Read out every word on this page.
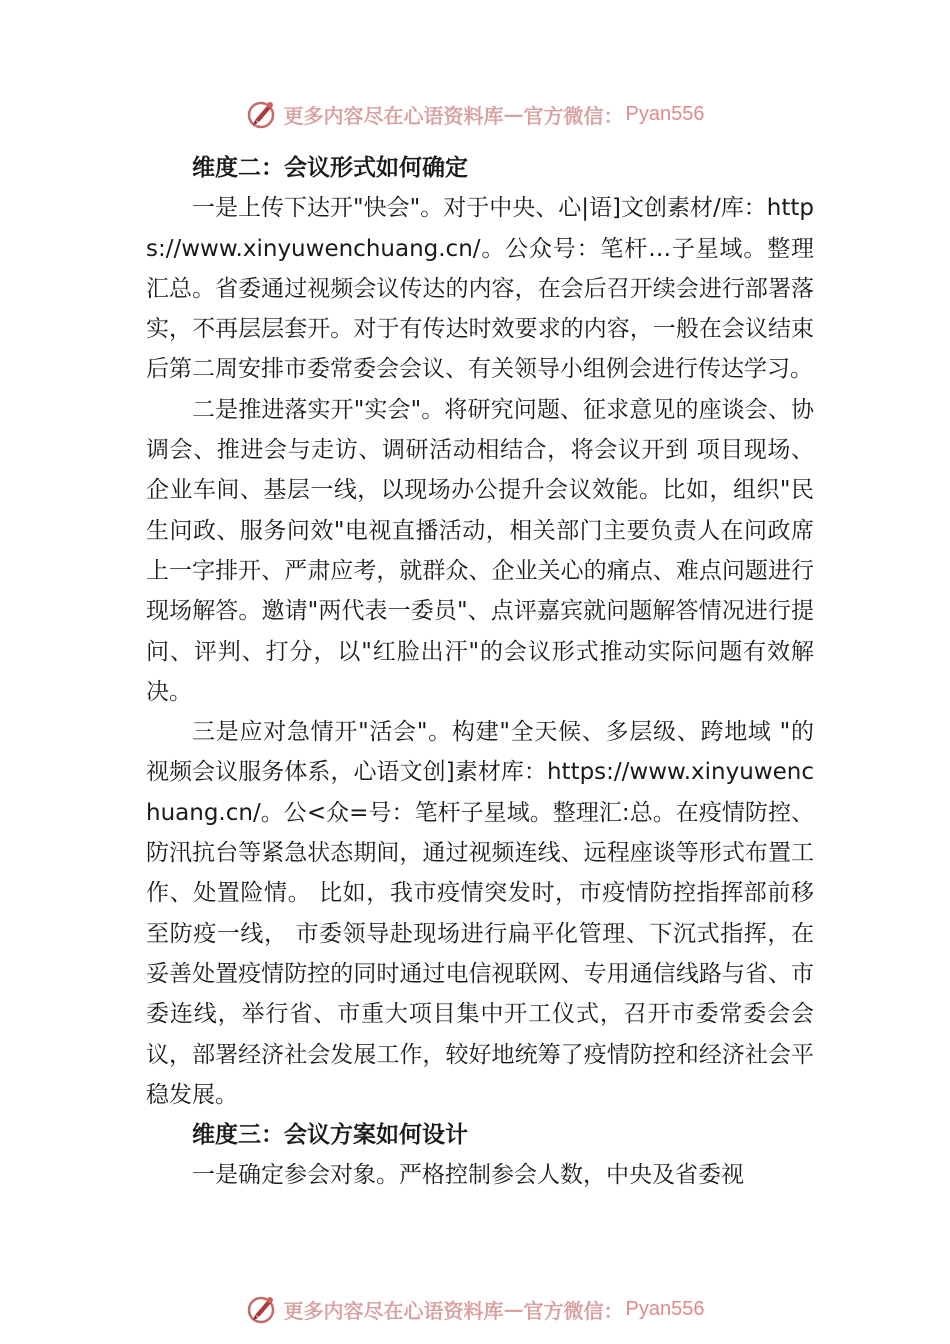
更多内容尽在心语资料库 — 官方微信： Pyan556

维度二：会议形式如何确定

一是上传下达开"快会"。对于中央、心|语]文创素材/库：https://www.xinyuwenchuang.cn/。公众号：笔杆…子星域。整理汇总。省委通过视频会议传达的内容，在会后召开续会进行部署落实，不再层层套开。对于有传达时效要求的内容，一般在会议结束后第二周安排市委常委会会议、有关领导小组例会进行传达学习。

二是推进落实开"实会"。将研究问题、征求意见的座谈会、协调会、推进会与走访、调研活动相结合，将会议开到 项目现场、企业车间、基层一线，以现场办公提升会议效能。比如，组织"民生问政、服务问效"电视直播活动，相关部门主要负责人在问政席上一字排开、严肃应考，就群众、企业关心的痛点、难点问题进行现场解答。邀请"两代表一委员"、点评嘉宾就问题解答情况进行提问、评判、打分，以"红脸出汗"的会议形式推动实际问题有效解决。

三是应对急情开"活会"。构建"全天候、多层级、跨地域 "的视频会议服务体系，心语文创]素材库：https://www.xinyuwenchuang.cn/。公<众=号：笔杆子星域。整理汇:总。在疫情防控、防汛抗台等紧急状态期间，通过视频连线、远程座谈等形式布置工作、处置险情。 比如，我市疫情突发时，市疫情防控指挥部前移至防疫一线， 市委领导赴现场进行扁平化管理、下沉式指挥，在妥善处置疫情防控的同时通过电信视联网、专用通信线路与省、市委连线，举行省、市重大项目集中开工仪式，召开市委常委会会议，部署经济社会发展工作，较好地统筹了疫情防控和经济社会平稳发展。

维度三：会议方案如何设计

一是确定参会对象。严格控制参会人数，中央及省委视

更多内容尽在心语资料库 — 官方微信： Pyan556
